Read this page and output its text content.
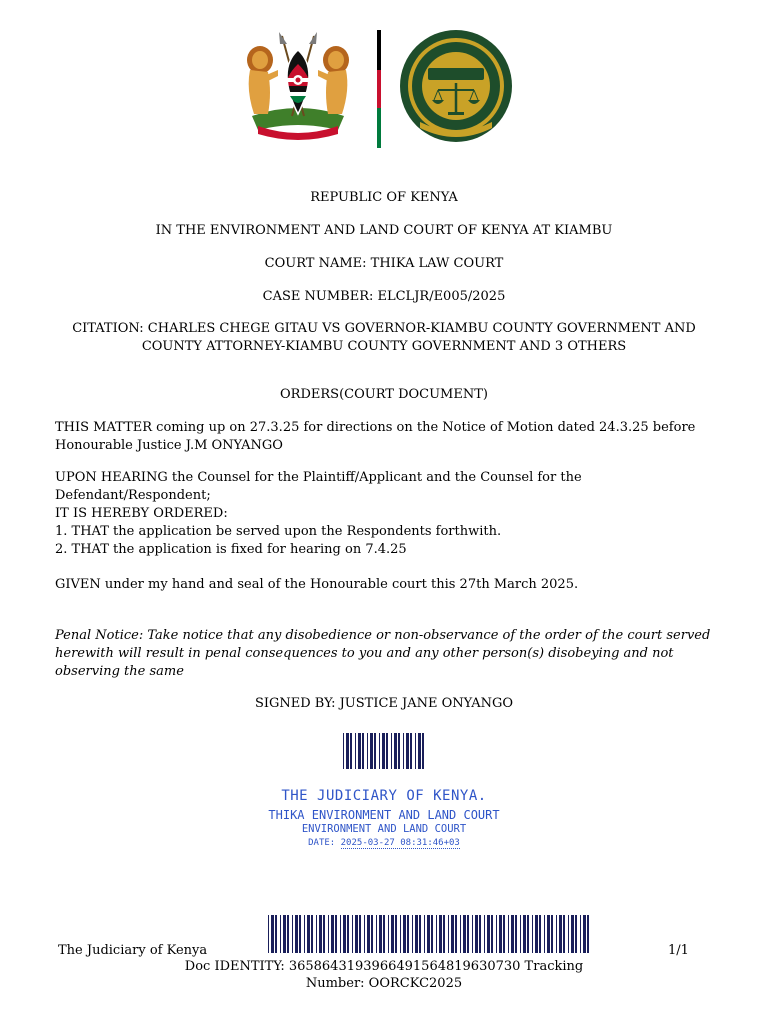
REPUBLIC OF KENYA
IN THE ENVIRONMENT AND LAND COURT OF KENYA AT KIAMBU
COURT NAME: THIKA LAW COURT
CASE NUMBER: ELCLJR/E005/2025
CITATION: CHARLES CHEGE GITAU VS GOVERNOR-KIAMBU COUNTY GOVERNMENT AND
COUNTY ATTORNEY-KIAMBU COUNTY GOVERNMENT AND 3 OTHERS
ORDERS(COURT DOCUMENT)
THIS MATTER coming up on 27.3.25 for directions on the Notice of Motion dated 24.3.25 before
Honourable Justice J.M ONYANGO
UPON HEARING the Counsel for the Plaintiff/Applicant and the Counsel for the
Defendant/Respondent;
IT IS HEREBY ORDERED:
1. THAT the application be served upon the Respondents forthwith.
2. THAT the application is fixed for hearing on 7.4.25
GIVEN under my hand and seal of the Honourable court this 27th March 2025.
Penal Notice: Take notice that any disobedience or non-observance of the order of the court served
herewith will result in penal consequences to you and any other person(s) disobeying and not
observing the same
SIGNED BY: JUSTICE JANE ONYANGO
THE JUDICIARY OF KENYA.
THIKA ENVIRONMENT AND LAND COURT
ENVIRONMENT AND LAND COURT
DATE: 2025-03-27 08:31:46+03
The Judiciary of Kenya	1/1
Doc IDENTITY: 3658643193966491564819630730 Tracking
Number: OORCKC2025
